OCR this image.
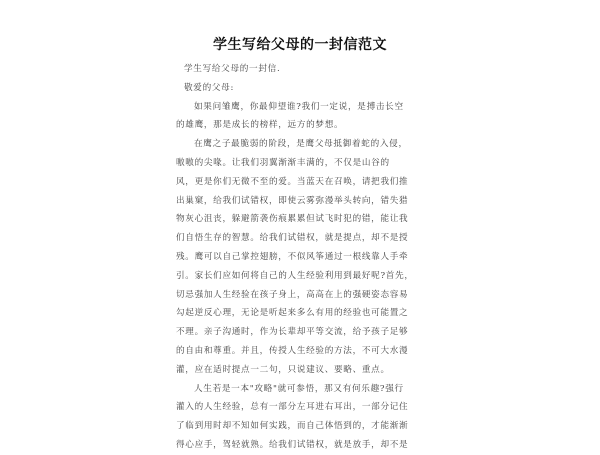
学生写给父母的一封信范文
学生写给父母的一封信.
敬爱的父母:
如果问雏鹰，你最仰望谁?我们一定说，是搏击长空
的雄鹰，那是成长的榜样，远方的梦想。
在鹰之子最脆弱的阶段，是鹰父母抵御着蛇的入侵，
嗷嗷的尖喙。让我们羽翼渐渐丰满的，不仅是山谷的
风，更是你们无微不至的爱。当蓝天在召唤，请把我们推
出巢窠，给我们试错权，即使云雾弥漫举头转向，错失猎
物灰心沮丧，躲避箭袭伤痕累累但试飞时犯的错，能让我
们自悟生存的智慧。给我们试错权，就是提点，却不是授
残。鹰可以自己掌控翅膀，不似风筝通过一根线靠人手牵
引。家长们应如何将自己的人生经验利用到最好呢?首先，
切忌强加人生经验在孩子身上，高高在上的强硬姿态容易
勾起逆反心理，无论是听起来多么有用的经验也可能置之
不理。亲子沟通时，作为长辈却平等交流，给予孩子足够
的自由和尊重。并且，传授人生经验的方法，不可大水漫
灌，应在适时提点一二句，只说建议、要略、重点。
人生若是一本"攻略"就可参悟，那又有何乐趣?强行
灌入的人生经验，总有一部分左耳进右耳出，一部分记住
了临到用时却不知如何实践，而自己体悟到的，才能渐渐
得心应手，驾轻就熟。给我们试错权，就是放手，却不是
